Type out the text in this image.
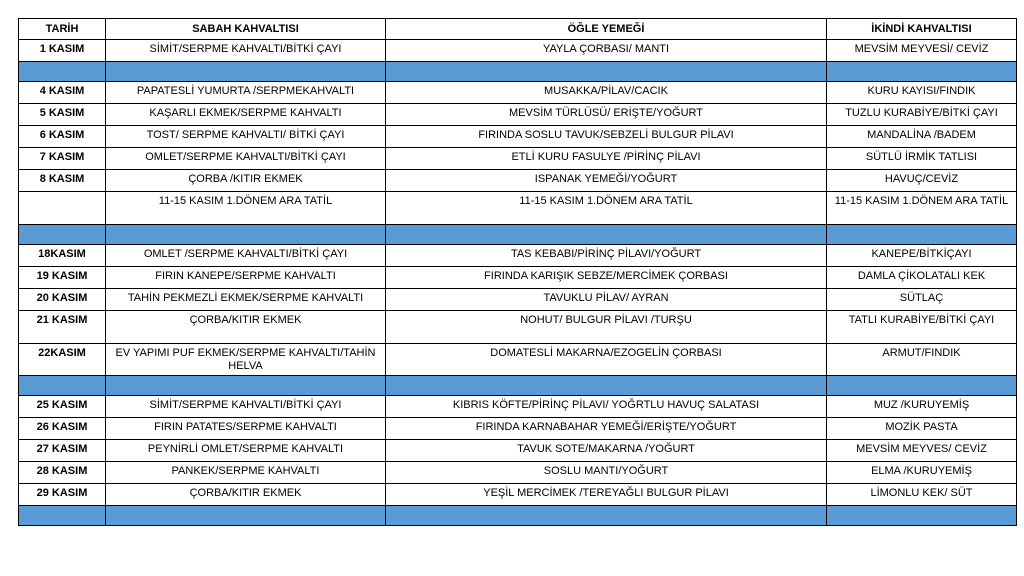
TARİH	SABAH KAHVALTISI	ÖĞLE YEMEĞİ	İKİNDİ KAHVALTISI
1 KASIM	SİMİT/SERPME KAHVALTI/BİTKİ ÇAYI	YAYLA ÇORBASI/ MANTI	MEVSİM MEYVESİ/ CEVİZ

4 KASIM	PAPATESLİ YUMURTA /SERPMEKAHVALTI	MUSAKKA/PİLAV/CACIK	KURU KAYISI/FINDIK
5 KASIM	KAŞARLI EKMEK/SERPME KAHVALTI	MEVSİM TÜRLÜSÜ/ ERİŞTE/YOĞURT	TUZLU KURABİYE/BİTKİ ÇAYI
6 KASIM	TOST/ SERPME KAHVALTI/ BİTKİ ÇAYI	FIRINDA SOSLU TAVUK/SEBZELİ BULGUR PİLAVI	MANDALİNA /BADEM
7 KASIM	OMLET/SERPME KAHVALTI/BİTKİ ÇAYI	ETLİ KURU FASULYE /PİRİNÇ PİLAVI	SÜTLÜ İRMİK TATLISI
8 KASIM	ÇORBA /KITIR EKMEK	ISPANAK YEMEĞİ/YOĞURT	HAVUÇ/CEVİZ
	11-15 KASIM 1.DÖNEM ARA TATİL	11-15 KASIM 1.DÖNEM ARA TATİL	11-15 KASIM 1.DÖNEM ARA TATİL

18KASIM	OMLET /SERPME KAHVALTI/BİTKİ ÇAYI	TAS KEBABI/PİRİNÇ PİLAVI/YOĞURT	KANEPE/BİTKİÇAYI
19 KASIM	FIRIN KANEPE/SERPME KAHVALTI	FIRINDA KARIŞIK SEBZE/MERCİMEK ÇORBASI	DAMLA ÇİKOLATALI KEK
20 KASIM	TAHİN PEKMEZLİ EKMEK/SERPME KAHVALTI	TAVUKLU PİLAV/ AYRAN	SÜTLAÇ
21 KASIM	ÇORBA/KITIR EKMEK	NOHUT/ BULGUR PİLAVI /TURŞU	TATLI KURABİYE/BİTKİ ÇAYI
22KASIM	EV YAPIMI PUF EKMEK/SERPME KAHVALTI/TAHİN HELVA	DOMATESLİ MAKARNA/EZOGELİN ÇORBASI	ARMUT/FINDIK

25 KASIM	SİMİT/SERPME KAHVALTI/BİTKİ ÇAYI	KIBRIS KÖFTE/PİRİNÇ PİLAVI/ YOĞRTLU HAVUÇ SALATASI	MUZ /KURUYEMİŞ
26 KASIM	FIRIN PATATES/SERPME KAHVALTI	FIRINDA KARNABAHAR YEMEĞİ/ERİŞTE/YOĞURT	MOZİK PASTA
27 KASIM	PEYNİRLİ OMLET/SERPME KAHVALTI	TAVUK SOTE/MAKARNA /YOĞURT	MEVSİM MEYVES/ CEVİZ
28 KASIM	PANKEK/SERPME KAHVALTI	SOSLU MANTI/YOĞURT	ELMA /KURUYEMİŞ
29 KASIM	ÇORBA/KITIR EKMEK	YEŞİL MERCİMEK /TEREYAĞLI BULGUR PİLAVI	LİMONLU KEK/ SÜT
